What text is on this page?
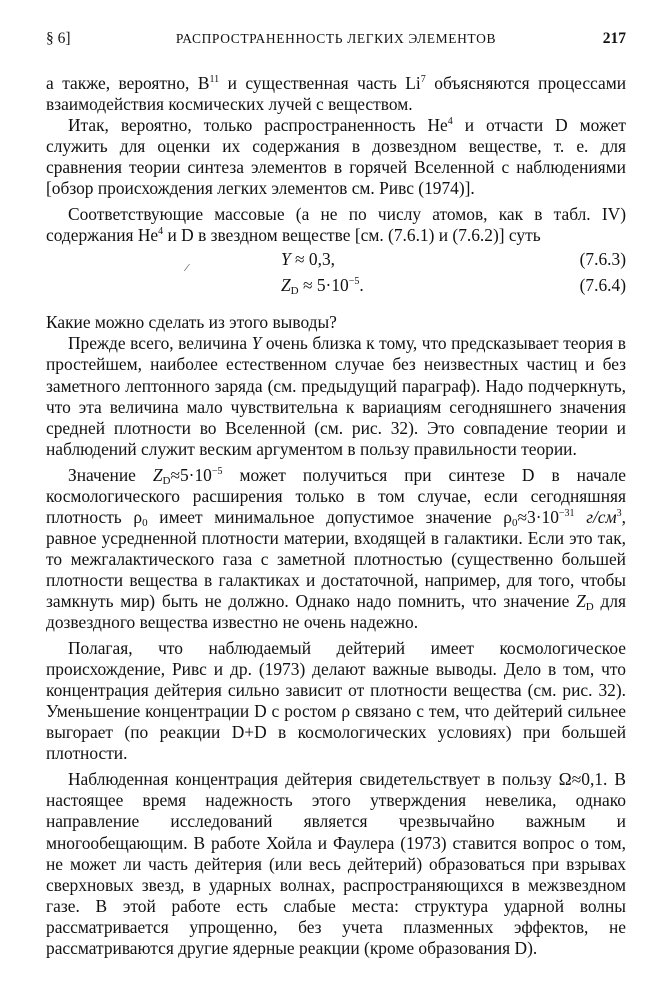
§ 6]	РАСПРОСТРАНЕННОСТЬ ЛЕГКИХ ЭЛЕМЕНТОВ	217

а также, вероятно, $B^{11}$ и существенная часть Li$^7$ объясняются процессами взаимодействия космических лучей с веществом.

Итак, вероятно, только распространенность He$^4$ и отчасти D может служить для оценки их содержания в дозвездном веществе, т. е. для сравнения теории синтеза элементов в горячей Вселенной с наблюдениями [обзор происхождения легких элементов см. Ривс (1974)].

Соответствующие массовые (а не по числу атомов, как в табл. IV) содержания He$^4$ и D в звездном веществе [см. (7.6.1) и (7.6.2)] суть

Y ≈ 0,3,
⁄	(7.6.3)
$Z_D \approx 5\cdot 10^{-5}$.	(7.6.4)

Какие можно сделать из этого выводы?

Прежде всего, величина Y очень близка к тому, что предсказывает теория в простейшем, наиболее естественном случае без неизвестных частиц и без заметного лептонного заряда (см. предыдущий параграф). Надо подчеркнуть, что эта величина мало чувствительна к вариациям сегодняшнего значения средней плотности во Вселенной (см. рис. 32). Это совпадение теории и наблюдений служит веским аргументом в пользу правильности теории.

Значение $Z_D\approx 5\cdot 10^{-5}$ может получиться при синтезе D в начале космологического расширения только в том случае, если сегодняшняя плотность $\rho_0$ имеет минимальное допустимое значение $\rho_0\approx 3\cdot 10^{-31}$ $г/см^3$, равное усредненной плотности материи, входящей в галактики. Если это так, то межгалактического газа с заметной плотностью (существенно большей плотности вещества в галактиках и достаточной, например, для того, чтобы замкнуть мир) быть не должно. Однако надо помнить, что значение $Z_D$ для дозвездного вещества известно не очень надежно.

Полагая, что наблюдаемый дейтерий имеет космологическое происхождение, Ривс и др. (1973) делают важные выводы. Дело в том, что концентрация дейтерия сильно зависит от плотности вещества (см. рис. 32). Уменьшение концентрации D с ростом ρ связано с тем, что дейтерий сильнее выгорает (по реакции D+D в космологических условиях) при большей плотности.

Наблюденная концентрация дейтерия свидетельствует в пользу Ω≈0,1. В настоящее время надежность этого утверждения невелика, однако направление исследований является чрезвычайно важным и многообещающим. В работе Хойла и Фаулера (1973) ставится вопрос о том, не может ли часть дейтерия (или весь дейтерий) образоваться при взрывах сверхновых звезд, в ударных волнах, распространяющихся в межзвездном газе. В этой работе есть слабые места: структура ударной волны рассматривается упрощенно, без учета плазменных эффектов, не рассматриваются другие ядерные реакции (кроме образования D).
